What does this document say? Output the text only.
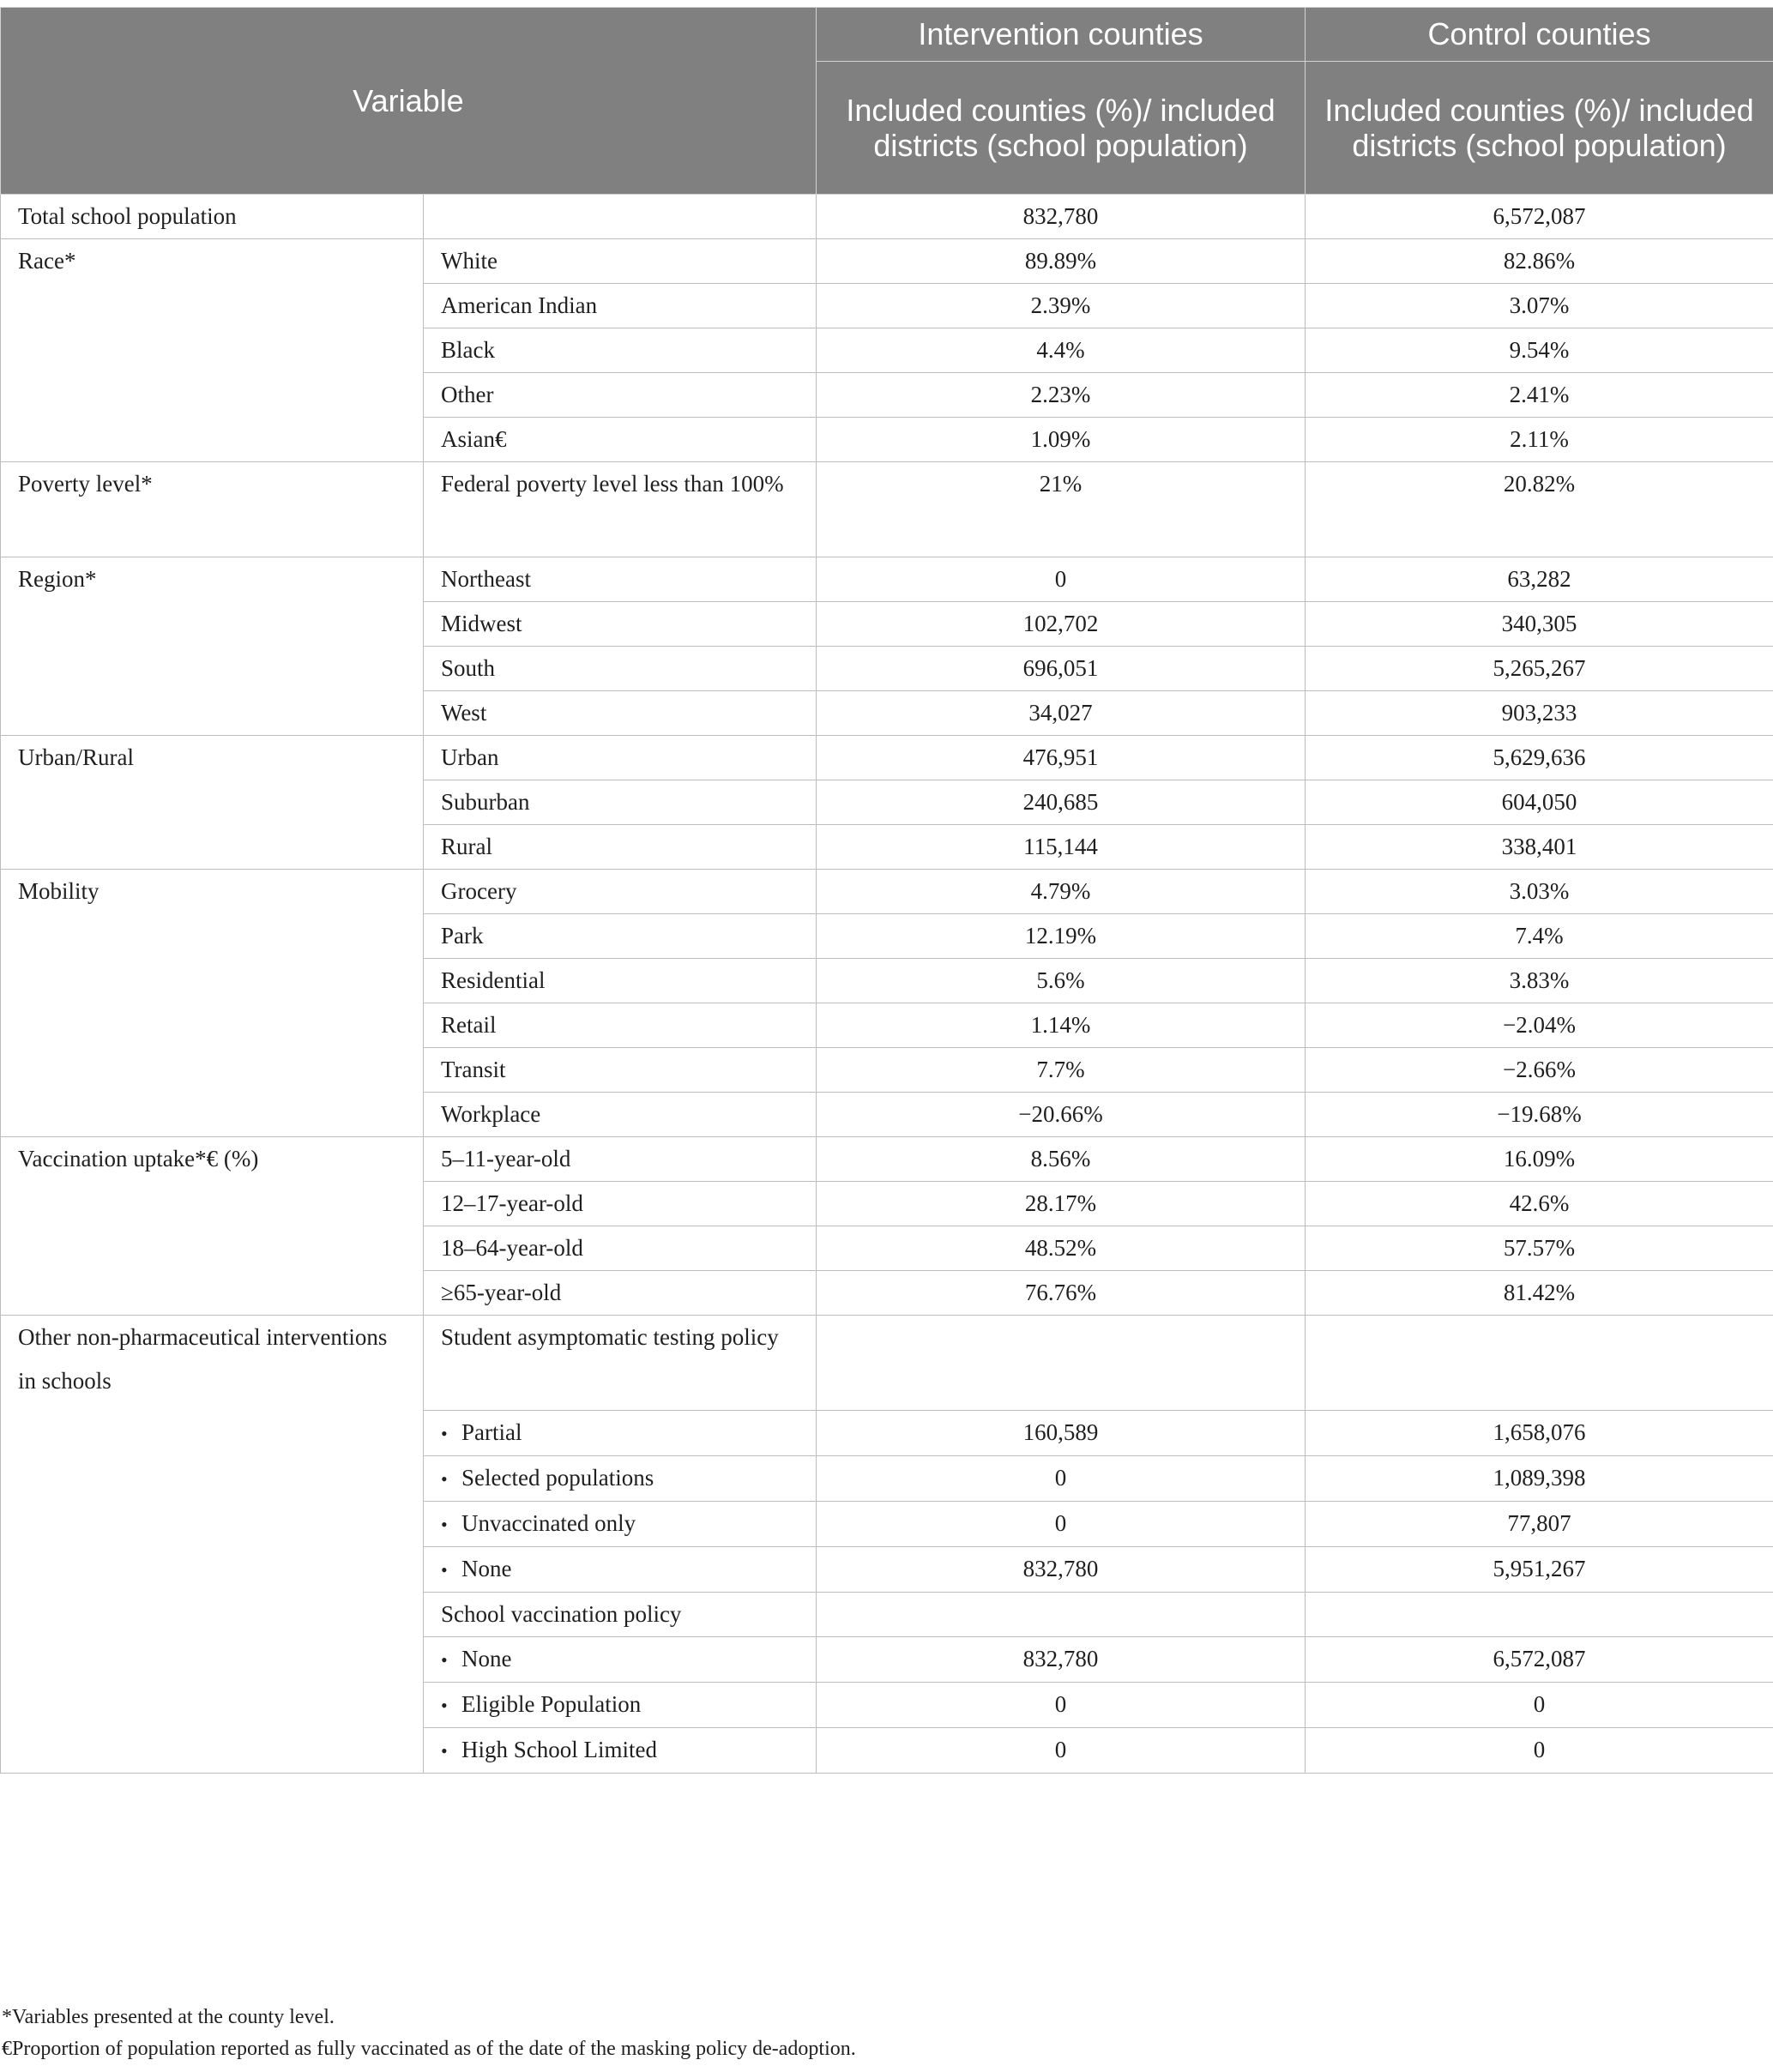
Variable		Intervention counties	Control counties
		Included counties (%)/ included districts (school population)	Included counties (%)/ included districts (school population)
Total school population		832,780	6,572,087
Race*	White	89.89%	82.86%
	American Indian	2.39%	3.07%
	Black	4.4%	9.54%
	Other	2.23%	2.41%
	Asian€	1.09%	2.11%
Poverty level*	Federal poverty level less than 100%	21%	20.82%
Region*	Northeast	0	63,282
	Midwest	102,702	340,305
	South	696,051	5,265,267
	West	34,027	903,233
Urban/Rural	Urban	476,951	5,629,636
	Suburban	240,685	604,050
	Rural	115,144	338,401
Mobility	Grocery	4.79%	3.03%
	Park	12.19%	7.4%
	Residential	5.6%	3.83%
	Retail	1.14%	−2.04%
	Transit	7.7%	−2.66%
	Workplace	−20.66%	−19.68%
Vaccination uptake*€ (%)	5–11-year-old	8.56%	16.09%
	12–17-year-old	28.17%	42.6%
	18–64-year-old	48.52%	57.57%
	≥65-year-old	76.76%	81.42%
Other non-pharmaceutical interventions in schools	Student asymptomatic testing policy		
	• Partial	160,589	1,658,076
	• Selected populations	0	1,089,398
	• Unvaccinated only	0	77,807
	• None	832,780	5,951,267
	School vaccination policy		
	• None	832,780	6,572,087
	• Eligible Population	0	0
	• High School Limited	0	0
*Variables presented at the county level.
€Proportion of population reported as fully vaccinated as of the date of the masking policy de-adoption.
